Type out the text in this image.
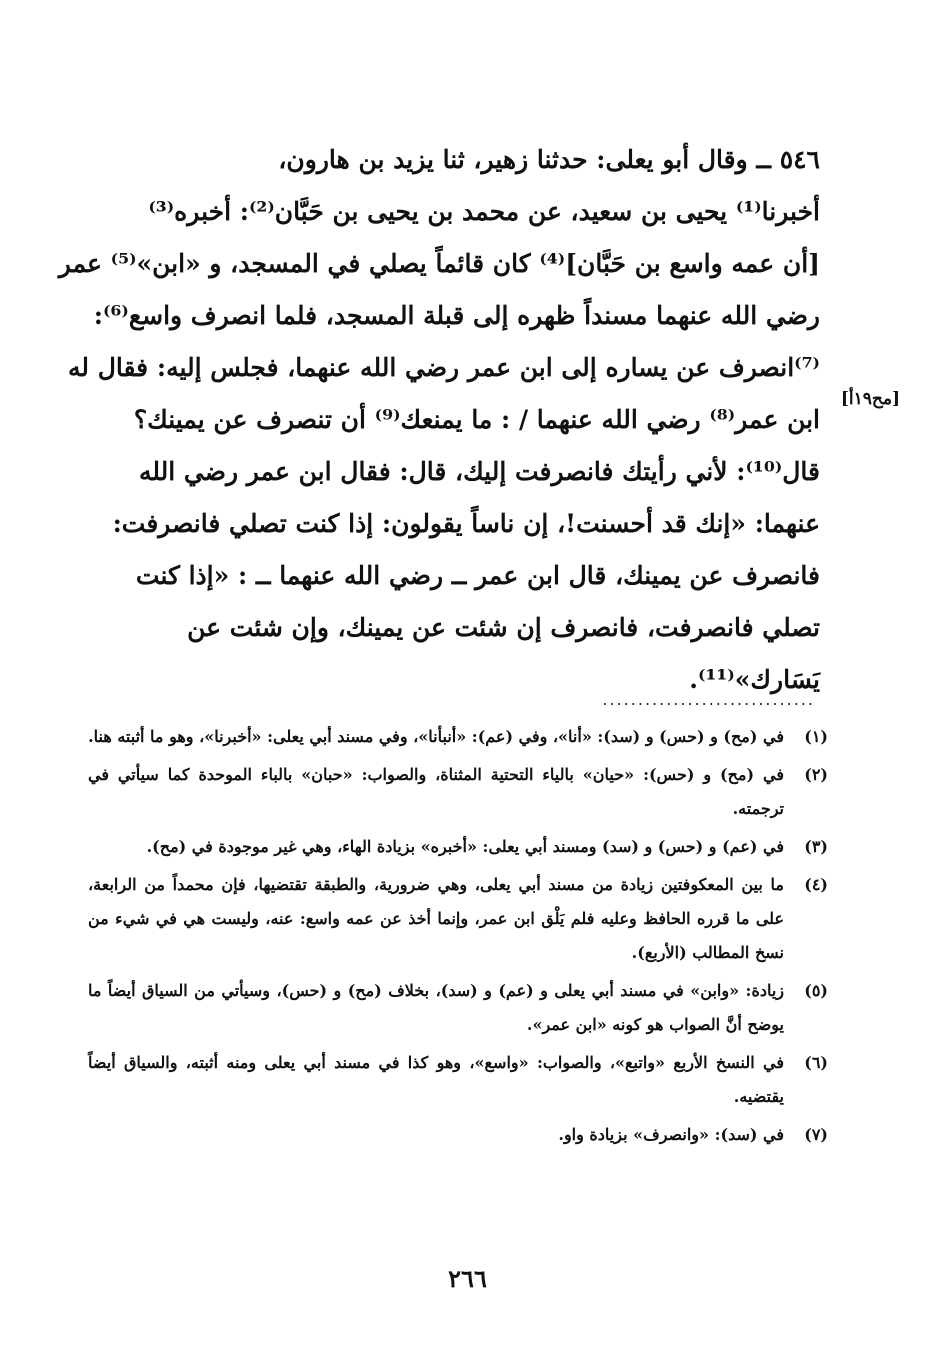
٥٤٦ ــ وقال أبو يعلى: حدثنا زهير، ثنا يزيد بن هارون،
أخبرنا⁽¹⁾ يحيى بن سعيد، عن محمد بن يحيى بن حَبَّان⁽²⁾: أخبره⁽³⁾
[أن عمه واسع بن حَبَّان]⁽⁴⁾ كان قائماً يصلي في المسجد، و «ابن»⁽⁵⁾ عمر
رضي الله عنهما مسنداً ظهره إلى قبلة المسجد، فلما انصرف واسع⁽⁶⁾:
⁽⁷⁾انصرف عن يساره إلى ابن عمر رضي الله عنهما، فجلس إليه: فقال له
ابن عمر⁽⁸⁾ رضي الله عنهما / : ما يمنعك⁽⁹⁾ أن تنصرف عن يمينك؟
قال⁽¹⁰⁾: لأني رأيتك فانصرفت إليك، قال: فقال ابن عمر رضي الله
عنهما: «إنك قد أحسنت!، إن ناساً يقولون: إذا كنت تصلي فانصرفت:
فانصرف عن يمينك، قال ابن عمر ــ رضي الله عنهما ــ : «إذا كنت
تصلي فانصرفت، فانصرف إن شئت عن يمينك، وإن شئت عن
يَسَارك»⁽¹¹⁾.
[مح١٩أ]
..............................
(١)
في (مح) و (حس) و (سد): «أنا»، وفي (عم): «أنبأنا»، وفي مسند أبي يعلى: «أخبرنا»، وهو ما أثبته هنا.
(٢)
في (مح) و (حس): «حيان» بالياء التحتية المثناة، والصواب: «حبان» بالباء الموحدة كما سيأتي في ترجمته.
(٣)
في (عم) و (حس) و (سد) ومسند أبي يعلى: «أخبره» بزيادة الهاء، وهي غير موجودة في (مح).
(٤)
ما بين المعكوفتين زيادة من مسند أبي يعلى، وهي ضرورية، والطبقة تقتضيها، فإن محمداً من الرابعة، على ما قرره الحافظ وعليه فلم يَلْق ابن عمر، وإنما أخذ عن عمه واسع: عنه، وليست هي في شيء من نسخ المطالب (الأربع).
(٥)
زيادة: «وابن» في مسند أبي يعلى و (عم) و (سد)، بخلاف (مح) و (حس)، وسيأتي من السياق أيضاً ما يوضح أنَّ الصواب هو كونه «ابن عمر».
(٦)
في النسخ الأربع «واتبع»، والصواب: «واسع»، وهو كذا في مسند أبي يعلى ومنه أثبته، والسياق أيضاً يقتضيه.
(٧)
في (سد): «وانصرف» بزيادة واو.
٢٦٦
